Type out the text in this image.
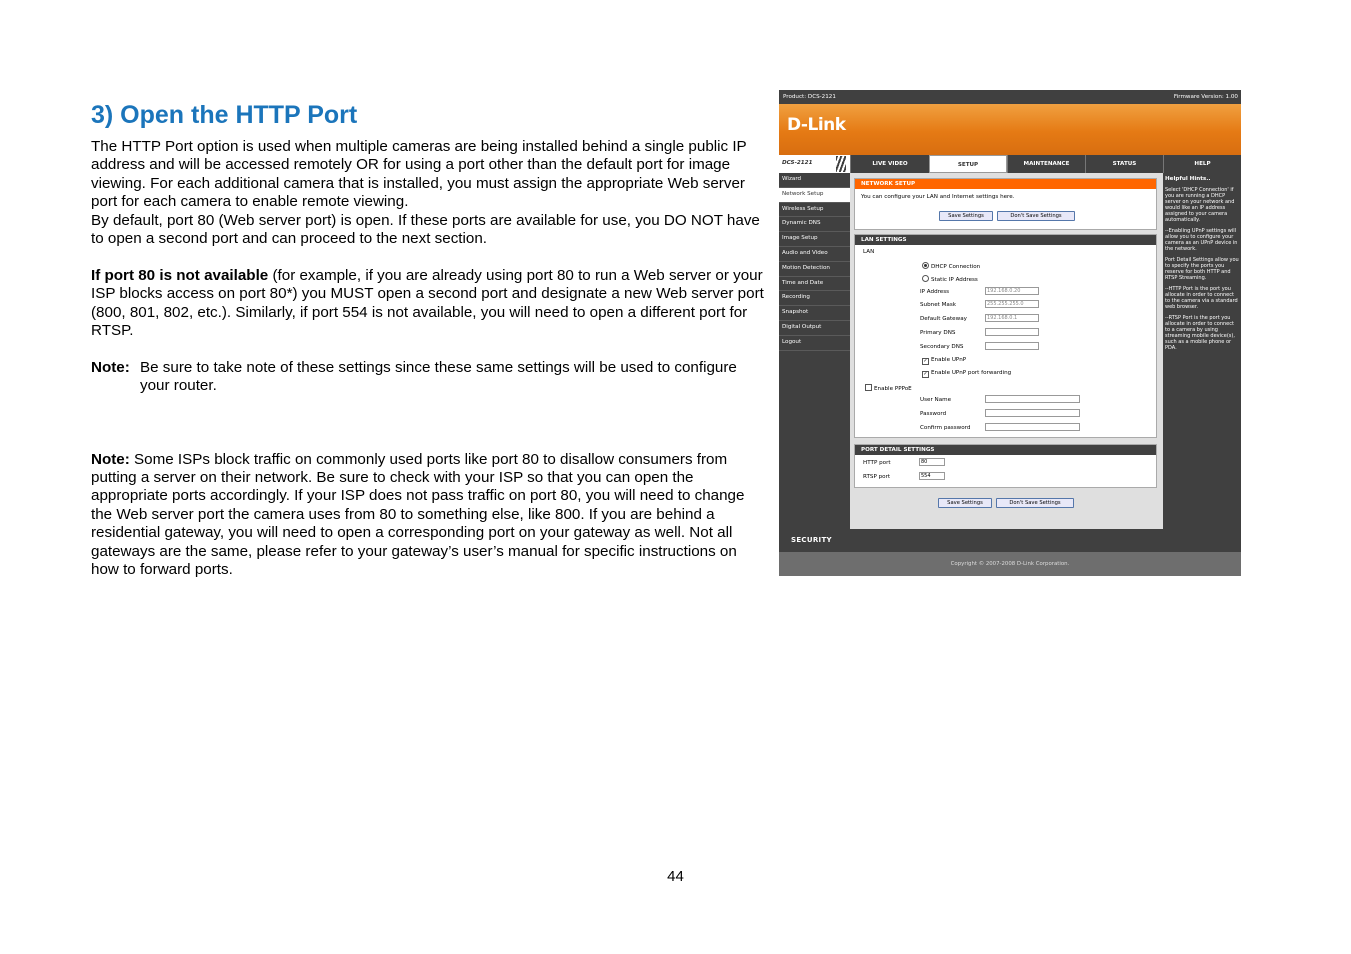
3) Open the HTTP Port

The HTTP Port option is used when multiple cameras are being installed behind a single public IP address and will be accessed remotely OR for using a port other than the default port for image viewing. For each additional camera that is installed, you must assign the appropriate Web server port for each camera to enable remote viewing.

By default, port 80 (Web server port) is open. If these ports are available for use, you DO NOT have to open a second port and can proceed to the next section.

If port 80 is not available (for example, if you are already using port 80 to run a Web server or your ISP blocks access on port 80*) you MUST open a second port and designate a new Web server port (800, 801, 802, etc.). Similarly, if port 554 is not available, you will need to open a different port for RTSP.

Note: Be sure to take note of these settings since these same settings will be used to configure your router.

Note: Some ISPs block traffic on commonly used ports like port 80 to disallow consumers from putting a server on their network. Be sure to check with your ISP so that you can open the appropriate ports accordingly. If your ISP does not pass traffic on port 80, you will need to change the Web server port the camera uses from 80 to something else, like 800. If you are behind a residential gateway, you will need to open a corresponding port on your gateway as well. Not all gateways are the same, please refer to your gateway’s user’s manual for specific instructions on how to forward ports.

44
Product: DCS-2121	Firmware Version: 1.00
D-Link
DCS-2121	LIVE VIDEO	SETUP	MAINTENANCE	STATUS	HELP
Wizard
Network Setup
Wireless Setup
Dynamic DNS
Image Setup
Audio and Video
Motion Detection
Time and Date
Recording
Snapshot
Digital Output
Logout
NETWORK SETUP
You can configure your LAN and Internet settings here.
Save Settings	Don't Save Settings
LAN SETTINGS
LAN
DHCP Connection
Static IP Address
IP Address	192.168.0.20
Subnet Mask	255.255.255.0
Default Gateway	192.168.0.1
Primary DNS
Secondary DNS
✓ Enable UPnP
✓ Enable UPnP port forwarding
Enable PPPoE
User Name
Password
Confirm password
PORT DETAIL SETTINGS
HTTP port	80
RTSP port	554
Save Settings	Don't Save Settings
Helpful Hints..

Select 'DHCP Connection' if you are running a DHCP server on your network and would like an IP address assigned to your camera automatically.

--Enabling UPnP settings will allow you to configure your camera as an UPnP device in the network.

Port Detail Settings allow you to specify the ports you reserve for both HTTP and RTSP Streaming.

--HTTP Port is the port you allocate in order to connect to the camera via a standard web browser.

--RTSP Port is the port you allocate in order to connect to a camera by using streaming mobile device(s), such as a mobile phone or PDA.

SECURITY
Copyright © 2007-2008 D-Link Corporation.
